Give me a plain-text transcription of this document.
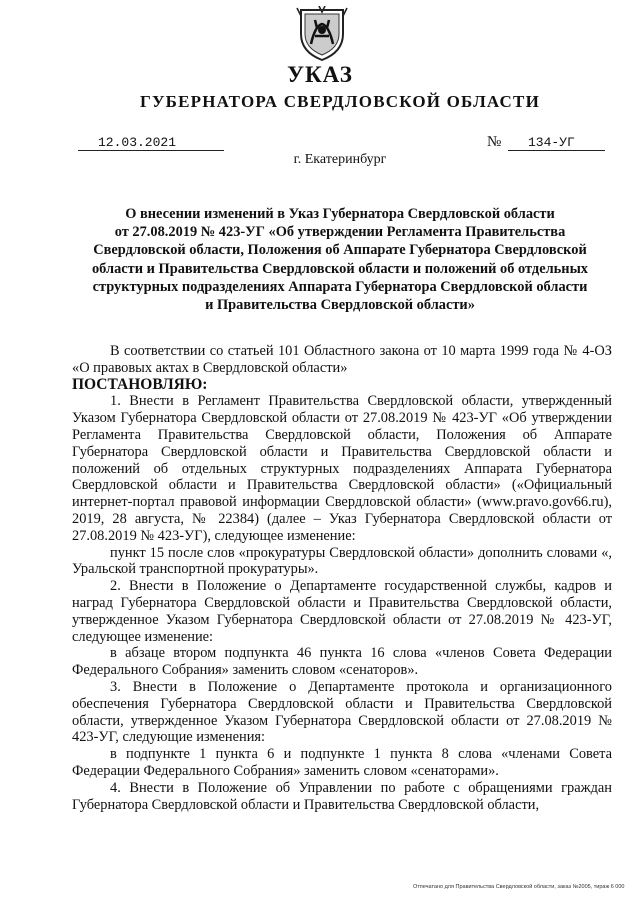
УКАЗ
ГУБЕРНАТОРА СВЕРДЛОВСКОЙ ОБЛАСТИ
12.03.2021	№	134-УГ
г. Екатеринбург
О внесении изменений в Указ Губернатора Свердловской области
от 27.08.2019 № 423-УГ «Об утверждении Регламента Правительства
Свердловской области, Положения об Аппарате Губернатора Свердловской
области и Правительства Свердловской области и положений об отдельных
структурных подразделениях Аппарата Губернатора Свердловской области
и Правительства Свердловской области»

В соответствии со статьей 101 Областного закона от 10 марта 1999 года № 4-ОЗ «О правовых актах в Свердловской области»

ПОСТАНОВЛЯЮ:

1. Внести в Регламент Правительства Свердловской области, утвержденный Указом Губернатора Свердловской области от 27.08.2019 № 423-УГ «Об утверждении Регламента Правительства Свердловской области, Положения об Аппарате Губернатора Свердловской области и Правительства Свердловской области и положений об отдельных структурных подразделениях Аппарата Губернатора Свердловской области и Правительства Свердловской области» («Официальный интернет-портал правовой информации Свердловской области» (www.pravo.gov66.ru), 2019, 28 августа, № 22384) (далее – Указ Губернатора Свердловской области от 27.08.2019 № 423-УГ), следующее изменение:

пункт 15 после слов «прокуратуры Свердловской области» дополнить словами «, Уральской транспортной прокуратуры».

2. Внести в Положение о Департаменте государственной службы, кадров и наград Губернатора Свердловской области и Правительства Свердловской области, утвержденное Указом Губернатора Свердловской области от 27.08.2019 № 423-УГ, следующее изменение:

в абзаце втором подпункта 46 пункта 16 слова «членов Совета Федерации Федерального Собрания» заменить словом «сенаторов».

3. Внести в Положение о Департаменте протокола и организационного обеспечения Губернатора Свердловской области и Правительства Свердловской области, утвержденное Указом Губернатора Свердловской области от 27.08.2019 № 423-УГ, следующие изменения:

в подпункте 1 пункта 6 и подпункте 1 пункта 8 слова «членами Совета Федерации Федерального Собрания» заменить словом «сенаторами».

4. Внести в Положение об Управлении по работе с обращениями граждан Губернатора Свердловской области и Правительства Свердловской области,

Отпечатано для Правительства Свердловской области, заказ №2005, тираж 6 000
